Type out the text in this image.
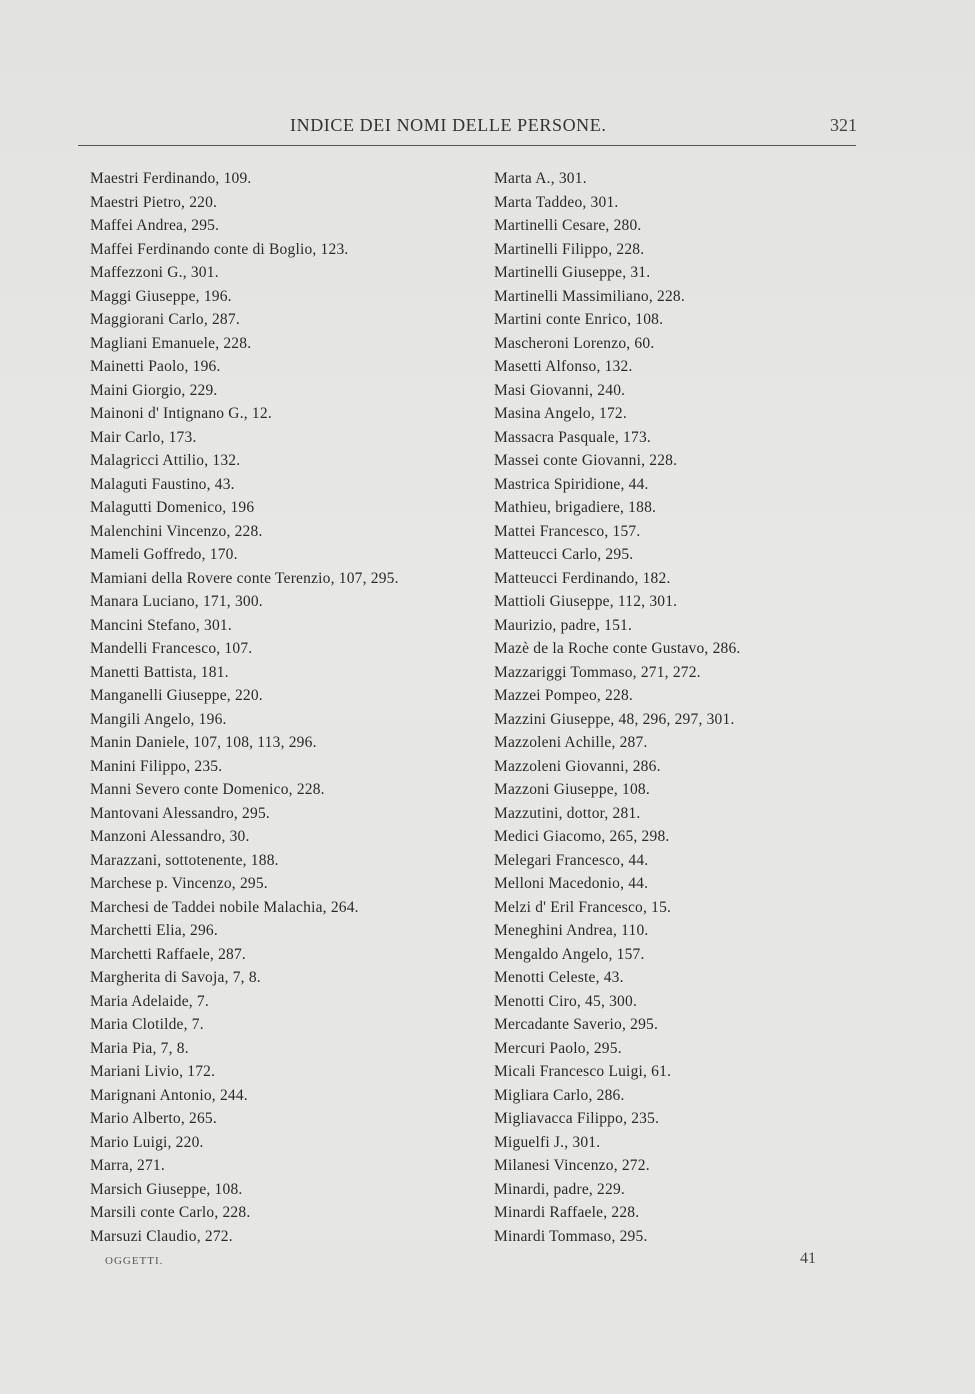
INDICE DEI NOMI DELLE PERSONE.	321
Maestri Ferdinando, 109.
Maestri Pietro, 220.
Maffei Andrea, 295.
Maffei Ferdinando conte di Boglio, 123.
Maffezzoni G., 301.
Maggi Giuseppe, 196.
Maggiorani Carlo, 287.
Magliani Emanuele, 228.
Mainetti Paolo, 196.
Maini Giorgio, 229.
Mainoni d' Intignano G., 12.
Mair Carlo, 173.
Malagricci Attilio, 132.
Malaguti Faustino, 43.
Malagutti Domenico, 196
Malenchini Vincenzo, 228.
Mameli Goffredo, 170.
Mamiani della Rovere conte Terenzio, 107, 295.
Manara Luciano, 171, 300.
Mancini Stefano, 301.
Mandelli Francesco, 107.
Manetti Battista, 181.
Manganelli Giuseppe, 220.
Mangili Angelo, 196.
Manin Daniele, 107, 108, 113, 296.
Manini Filippo, 235.
Manni Severo conte Domenico, 228.
Mantovani Alessandro, 295.
Manzoni Alessandro, 30.
Marazzani, sottotenente, 188.
Marchese p. Vincenzo, 295.
Marchesi de Taddei nobile Malachia, 264.
Marchetti Elia, 296.
Marchetti Raffaele, 287.
Margherita di Savoja, 7, 8.
Maria Adelaide, 7.
Maria Clotilde, 7.
Maria Pia, 7, 8.
Mariani Livio, 172.
Marignani Antonio, 244.
Mario Alberto, 265.
Mario Luigi, 220.
Marra, 271.
Marsich Giuseppe, 108.
Marsili conte Carlo, 228.
Marsuzi Claudio, 272.
Marta A., 301.
Marta Taddeo, 301.
Martinelli Cesare, 280.
Martinelli Filippo, 228.
Martinelli Giuseppe, 31.
Martinelli Massimiliano, 228.
Martini conte Enrico, 108.
Mascheroni Lorenzo, 60.
Masetti Alfonso, 132.
Masi Giovanni, 240.
Masina Angelo, 172.
Massacra Pasquale, 173.
Massei conte Giovanni, 228.
Mastrica Spiridione, 44.
Mathieu, brigadiere, 188.
Mattei Francesco, 157.
Matteucci Carlo, 295.
Matteucci Ferdinando, 182.
Mattioli Giuseppe, 112, 301.
Maurizio, padre, 151.
Mazè de la Roche conte Gustavo, 286.
Mazzariggi Tommaso, 271, 272.
Mazzei Pompeo, 228.
Mazzini Giuseppe, 48, 296, 297, 301.
Mazzoleni Achille, 287.
Mazzoleni Giovanni, 286.
Mazzoni Giuseppe, 108.
Mazzutini, dottor, 281.
Medici Giacomo, 265, 298.
Melegari Francesco, 44.
Melloni Macedonio, 44.
Melzi d' Eril Francesco, 15.
Meneghini Andrea, 110.
Mengaldo Angelo, 157.
Menotti Celeste, 43.
Menotti Ciro, 45, 300.
Mercadante Saverio, 295.
Mercuri Paolo, 295.
Micali Francesco Luigi, 61.
Migliara Carlo, 286.
Migliavacca Filippo, 235.
Miguelfi J., 301.
Milanesi Vincenzo, 272.
Minardi, padre, 229.
Minardi Raffaele, 228.
Minardi Tommaso, 295.
OGGETTI.	41
